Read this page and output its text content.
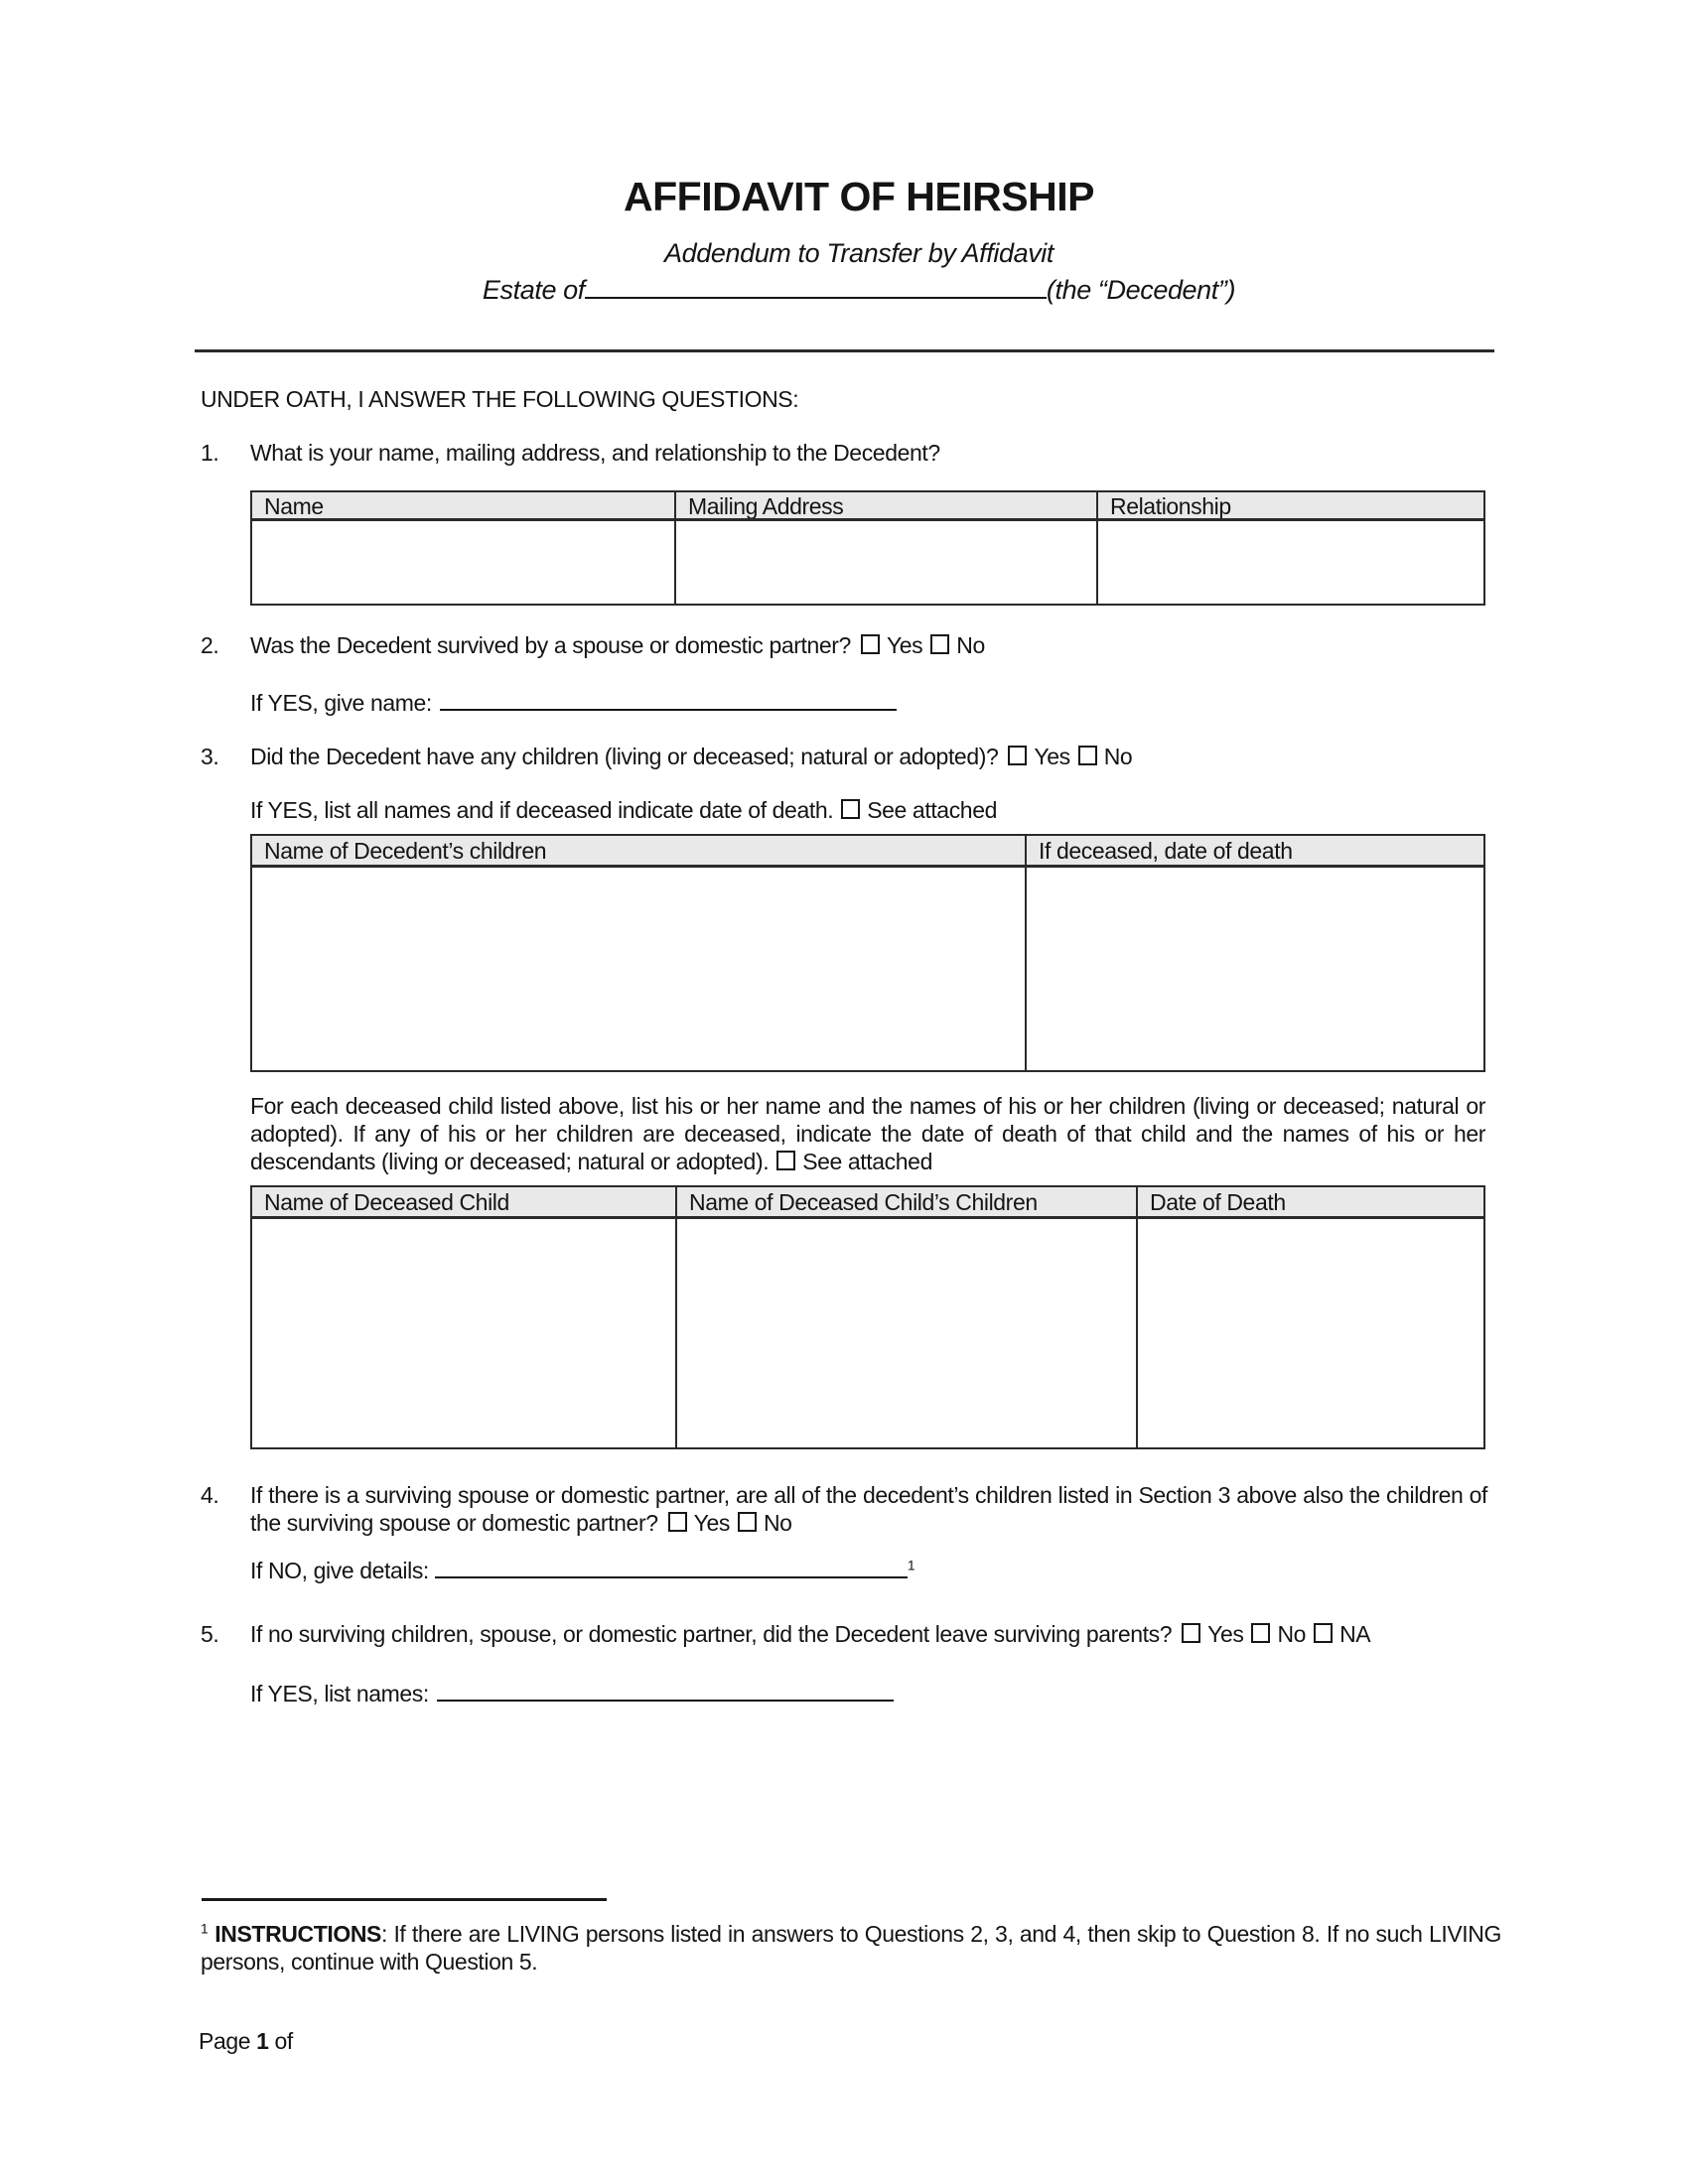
AFFIDAVIT OF HEIRSHIP
Addendum to Transfer by Affidavit
Estate of	(the “Decedent”)
UNDER OATH, I ANSWER THE FOLLOWING QUESTIONS:
1.	What is your name, mailing address, and relationship to the Decedent?
Name	Mailing Address	Relationship
2.	Was the Decedent survived by a spouse or domestic partner? Yes No
If YES, give name:
3.	Did the Decedent have any children (living or deceased; natural or adopted)? Yes No
If YES, list all names and if deceased indicate date of death. See attached
Name of Decedent’s children	If deceased, date of death
For each deceased child listed above, list his or her name and the names of his or her children (living or deceased; natural or adopted). If any of his or her children are deceased, indicate the date of death of that child and the names of his or her descendants (living or deceased; natural or adopted). See attached
Name of Deceased Child	Name of Deceased Child’s Children	Date of Death
4.	If there is a surviving spouse or domestic partner, are all of the decedent’s children listed in Section 3 above also the children of the surviving spouse or domestic partner? Yes No
If NO, give details:	$^1$
5.	If no surviving children, spouse, or domestic partner, did the Decedent leave surviving parents? Yes No NA
If YES, list names:
$^1$ INSTRUCTIONS: If there are LIVING persons listed in answers to Questions 2, 3, and 4, then skip to Question 8. If no such LIVING persons, continue with Question 5.
Page 1 of
